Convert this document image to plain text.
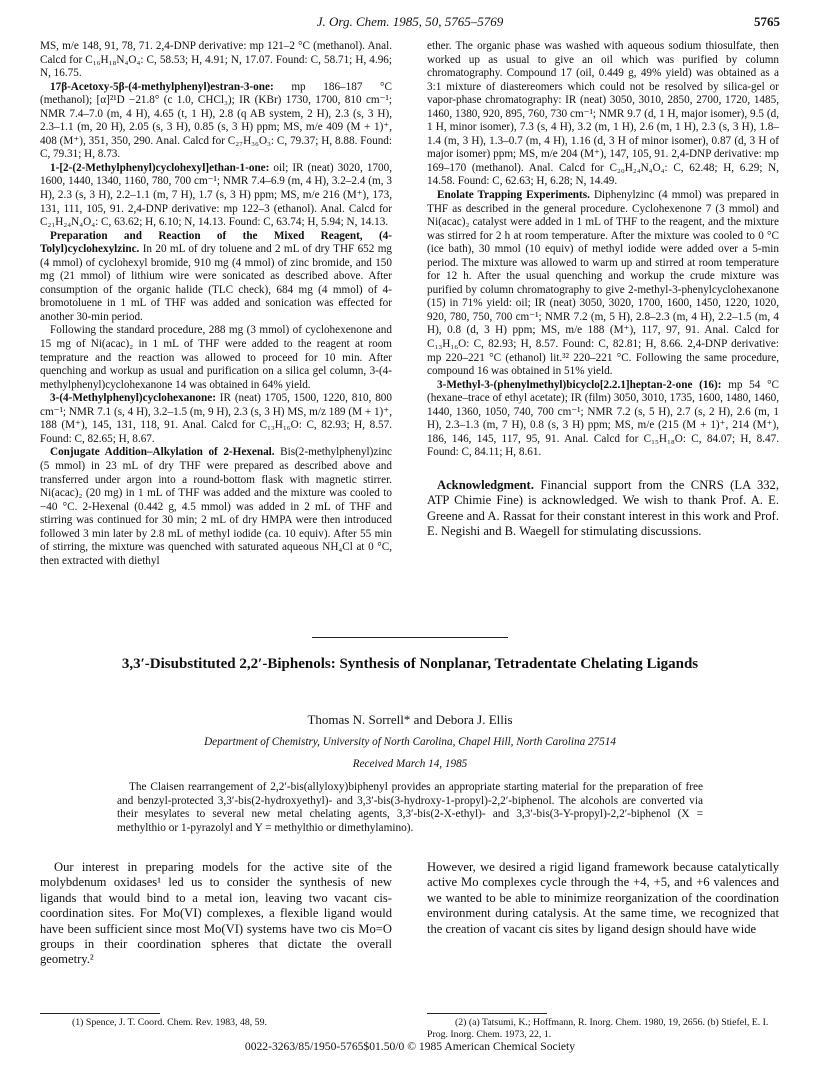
J. Org. Chem. 1985, 50, 5765–5769	5765

MS, m/e 148, 91, 78, 71. 2,4-DNP derivative: mp 121–2 °C (methanol). Anal. Calcd for C₁₆H₁₈N₄O₄: C, 58.53; H, 4.91; N, 17.07. Found: C, 58.71; H, 4.96; N, 16.75.

17β-Acetoxy-5β-(4-methylphenyl)estran-3-one: mp 186–187 °C (methanol); [α]²¹D −21.8° (c 1.0, CHCl₃); IR (KBr) 1730, 1700, 810 cm⁻¹; NMR 7.4–7.0 (m, 4 H), 4.65 (t, 1 H), 2.8 (q AB system, 2 H), 2.3 (s, 3 H), 2.3–1.1 (m, 20 H), 2.05 (s, 3 H), 0.85 (s, 3 H) ppm; MS, m/e 409 (M + 1)⁺, 408 (M⁺), 351, 350, 290. Anal. Calcd for C₂₇H₃₆O₃: C, 79.37; H, 8.88. Found: C, 79.31; H, 8.73.

1-[2-(2-Methylphenyl)cyclohexyl]ethan-1-one: oil; IR (neat) 3020, 1700, 1600, 1440, 1340, 1160, 780, 700 cm⁻¹; NMR 7.4–6.9 (m, 4 H), 3.2–2.4 (m, 3 H), 2.3 (s, 3 H), 2.2–1.1 (m, 7 H), 1.7 (s, 3 H) ppm; MS, m/e 216 (M⁺), 173, 131, 111, 105, 91. 2,4-DNP derivative: mp 122–3 (ethanol). Anal. Calcd for C₂₁H₂₄N₄O₄: C, 63.62; H, 6.10; N, 14.13. Found: C, 63.74; H, 5.94; N, 14.13.

Preparation and Reaction of the Mixed Reagent, (4-Tolyl)cyclohexylzinc. In 20 mL of dry toluene and 2 mL of dry THF 652 mg (4 mmol) of cyclohexyl bromide, 910 mg (4 mmol) of zinc bromide, and 150 mg (21 mmol) of lithium wire were sonicated as described above. After consumption of the organic halide (TLC check), 684 mg (4 mmol) of 4-bromotoluene in 1 mL of THF was added and sonication was effected for another 30-min period.

Following the standard procedure, 288 mg (3 mmol) of cyclohexenone and 15 mg of Ni(acac)₂ in 1 mL of THF were added to the reagent at room temprature and the reaction was allowed to proceed for 10 min. After quenching and workup as usual and purification on a silica gel column, 3-(4-methylphenyl)cyclohexanone 14 was obtained in 64% yield.

3-(4-Methylphenyl)cyclohexanone: IR (neat) 1705, 1500, 1220, 810, 800 cm⁻¹; NMR 7.1 (s, 4 H), 3.2–1.5 (m, 9 H), 2.3 (s, 3 H) MS, m/z 189 (M + 1)⁺, 188 (M⁺), 145, 131, 118, 91. Anal. Calcd for C₁₃H₁₆O: C, 82.93; H, 8.57. Found: C, 82.65; H, 8.67.

Conjugate Addition–Alkylation of 2-Hexenal. Bis(2-methylphenyl)zinc (5 mmol) in 23 mL of dry THF were prepared as described above and transferred under argon into a round-bottom flask with magnetic stirrer. Ni(acac)₂ (20 mg) in 1 mL of THF was added and the mixture was cooled to −40 °C. 2-Hexenal (0.442 g, 4.5 mmol) was added in 2 mL of THF and stirring was continued for 30 min; 2 mL of dry HMPA were then introduced followed 3 min later by 2.8 mL of methyl iodide (ca. 10 equiv). After 55 min of stirring, the mixture was quenched with saturated aqueous NH₄Cl at 0 °C, then extracted with diethyl

ether. The organic phase was washed with aqueous sodium thiosulfate, then worked up as usual to give an oil which was purified by column chromatography. Compound 17 (oil, 0.449 g, 49% yield) was obtained as a 3:1 mixture of diastereomers which could not be resolved by silica-gel or vapor-phase chromatography: IR (neat) 3050, 3010, 2850, 2700, 1720, 1485, 1460, 1380, 920, 895, 760, 730 cm⁻¹; NMR 9.7 (d, 1 H, major isomer), 9.5 (d, 1 H, minor isomer), 7.3 (s, 4 H), 3.2 (m, 1 H), 2.6 (m, 1 H), 2.3 (s, 3 H), 1.8–1.4 (m, 3 H), 1.3–0.7 (m, 4 H), 1.16 (d, 3 H of minor isomer), 0.87 (d, 3 H of major isomer) ppm; MS, m/e 204 (M⁺), 147, 105, 91. 2,4-DNP derivative: mp 169–170 (methanol). Anal. Calcd for C₂₀H₂₄N₄O₄: C, 62.48; H, 6.29; N, 14.58. Found: C, 62.63; H, 6.28; N, 14.49.

Enolate Trapping Experiments. Diphenylzinc (4 mmol) was prepared in THF as described in the general procedure. Cyclohexenone 7 (3 mmol) and Ni(acac)₂ catalyst were added in 1 mL of THF to the reagent, and the mixture was stirred for 2 h at room temperature. After the mixture was cooled to 0 °C (ice bath), 30 mmol (10 equiv) of methyl iodide were added over a 5-min period. The mixture was allowed to warm up and stirred at room temperature for 12 h. After the usual quenching and workup the crude mixture was purified by column chromatography to give 2-methyl-3-phenylcyclohexanone (15) in 71% yield: oil; IR (neat) 3050, 3020, 1700, 1600, 1450, 1220, 1020, 920, 780, 750, 700 cm⁻¹; NMR 7.2 (m, 5 H), 2.8–2.3 (m, 4 H), 2.2–1.5 (m, 4 H), 0.8 (d, 3 H) ppm; MS, m/e 188 (M⁺), 117, 97, 91. Anal. Calcd for C₁₃H₁₆O: C, 82.93; H, 8.57. Found: C, 82.81; H, 8.66. 2,4-DNP derivative: mp 220–221 °C (ethanol) lit.³² 220–221 °C. Following the same procedure, compound 16 was obtained in 51% yield.

3-Methyl-3-(phenylmethyl)bicyclo[2.2.1]heptan-2-one (16): mp 54 °C (hexane–trace of ethyl acetate); IR (film) 3050, 3010, 1735, 1600, 1480, 1460, 1440, 1360, 1050, 740, 700 cm⁻¹; NMR 7.2 (s, 5 H), 2.7 (s, 2 H), 2.6 (m, 1 H), 2.3–1.3 (m, 7 H), 0.8 (s, 3 H) ppm; MS, m/e (215 (M + 1)⁺, 214 (M⁺), 186, 146, 145, 117, 95, 91. Anal. Calcd for C₁₅H₁₈O: C, 84.07; H, 8.47. Found: C, 84.11; H, 8.61.

Acknowledgment. Financial support from the CNRS (LA 332, ATP Chimie Fine) is acknowledged. We wish to thank Prof. A. E. Greene and A. Rassat for their constant interest in this work and Prof. E. Negishi and B. Waegell for stimulating discussions.

3,3′-Disubstituted 2,2′-Biphenols: Synthesis of Nonplanar, Tetradentate Chelating Ligands
Thomas N. Sorrell* and Debora J. Ellis
Department of Chemistry, University of North Carolina, Chapel Hill, North Carolina 27514
Received March 14, 1985
The Claisen rearrangement of 2,2′-bis(allyloxy)biphenyl provides an appropriate starting material for the preparation of free and benzyl-protected 3,3′-bis(2-hydroxyethyl)- and 3,3′-bis(3-hydroxy-1-propyl)-2,2′-biphenol. The alcohols are converted via their mesylates to several new metal chelating agents, 3,3′-bis(2-X-ethyl)- and 3,3′-bis(3-Y-propyl)-2,2′-biphenol (X = methylthio or 1-pyrazolyl and Y = methylthio or dimethylamino).
Our interest in preparing models for the active site of the molybdenum oxidases¹ led us to consider the synthesis of new ligands that would bind to a metal ion, leaving two vacant cis-coordination sites. For Mo(VI) complexes, a flexible ligand would have been sufficient since most Mo(VI) systems have two cis Mo=O groups in their coordination spheres that dictate the overall geometry.²
However, we desired a rigid ligand framework because catalytically active Mo complexes cycle through the +4, +5, and +6 valences and we wanted to be able to minimize reorganization of the coordination environment during catalysis. At the same time, we recognized that the creation of vacant cis sites by ligand design should have wide
(1) Spence, J. T. Coord. Chem. Rev. 1983, 48, 59.	(2) (a) Tatsumi, K.; Hoffmann, R. Inorg. Chem. 1980, 19, 2656. (b) Stiefel, E. I. Prog. Inorg. Chem. 1973, 22, 1.
0022-3263/85/1950-5765$01.50/0 © 1985 American Chemical Society
